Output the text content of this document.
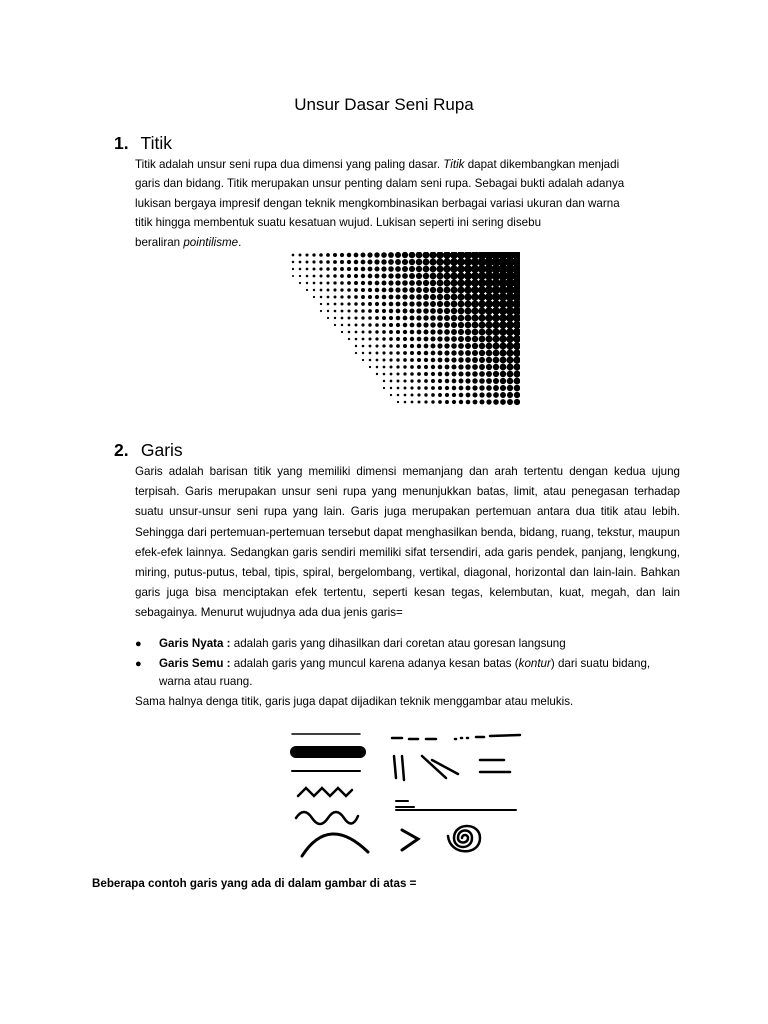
Unsur Dasar Seni Rupa
1. Titik

Titik adalah unsur seni rupa dua dimensi yang paling dasar. Titik dapat dikembangkan menjadi
garis dan bidang. Titik merupakan unsur penting dalam seni rupa. Sebagai bukti adalah adanya
lukisan bergaya impresif dengan teknik mengkombinasikan berbagai variasi ukuran dan warna
titik hingga membentuk suatu kesatuan wujud. Lukisan seperti ini sering disebu
beraliran pointilisme.

2. Garis

Garis adalah barisan titik yang memiliki dimensi memanjang dan arah tertentu dengan kedua ujung terpisah. Garis merupakan unsur seni rupa yang menunjukkan batas, limit, atau penegasan terhadap suatu unsur-unsur seni rupa yang lain. Garis juga merupakan pertemuan antara dua titik atau lebih. Sehingga dari pertemuan-pertemuan tersebut dapat menghasilkan benda, bidang, ruang, tekstur, maupun efek-efek lainnya. Sedangkan garis sendiri memiliki sifat tersendiri, ada garis pendek, panjang, lengkung, miring, putus-putus, tebal, tipis, spiral, bergelombang, vertikal, diagonal, horizontal dan lain-lain. Bahkan garis juga bisa menciptakan efek tertentu, seperti kesan tegas, kelembutan, kuat, megah, dan lain sebagainya. Menurut wujudnya ada dua jenis garis=

● Garis Nyata : adalah garis yang dihasilkan dari coretan atau goresan langsung
● Garis Semu : adalah garis yang muncul karena adanya kesan batas (kontur) dari suatu bidang, warna atau ruang.

Sama halnya denga titik, garis juga dapat dijadikan teknik menggambar atau melukis.

Beberapa contoh garis yang ada di dalam gambar di atas =
